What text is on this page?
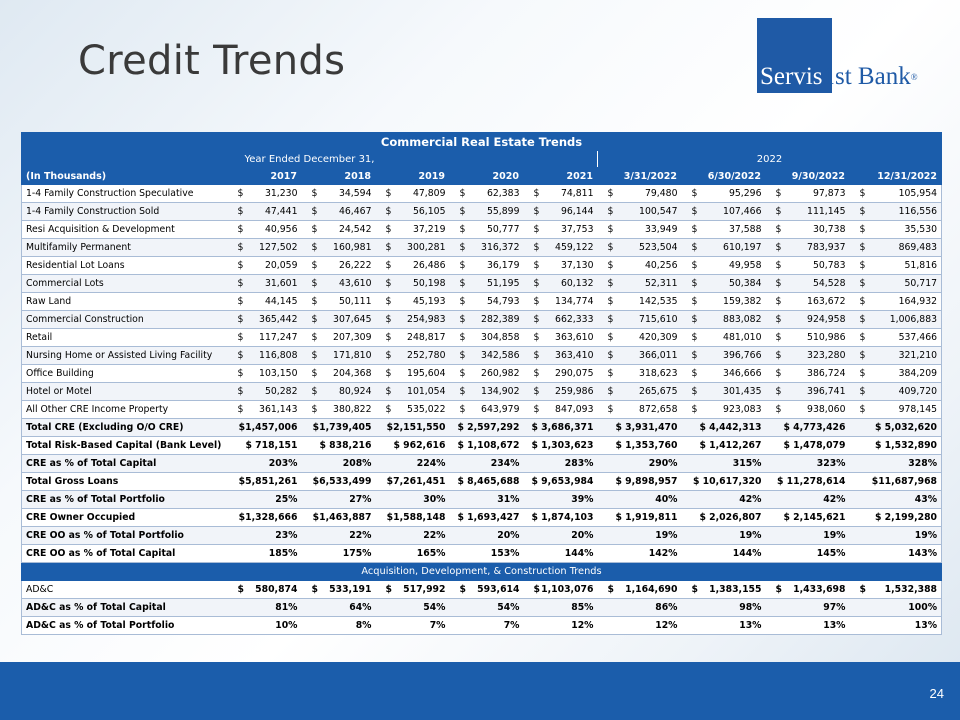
Credit Trends	Servis1st Bank®
Commercial Real Estate Trends									
Year Ended December 31,						2022			
(In Thousands)	2017	2018	2019	2020	2021	3/31/2022	6/30/2022	9/30/2022	12/31/2022
1-4 Family Construction Speculative	$ 31,230	$ 34,594	$ 47,809	$ 62,383	$ 74,811	$ 79,480	$ 95,296	$ 97,873	$ 105,954
1-4 Family Construction Sold	$ 47,441	$ 46,467	$ 56,105	$ 55,899	$ 96,144	$ 100,547	$ 107,466	$ 111,145	$ 116,556
Resi Acquisition & Development	$ 40,956	$ 24,542	$ 37,219	$ 50,777	$ 37,753	$ 33,949	$ 37,588	$ 30,738	$ 35,530
Multifamily Permanent	$ 127,502	$ 160,981	$ 300,281	$ 316,372	$ 459,122	$ 523,504	$ 610,197	$ 783,937	$ 869,483
Residential Lot Loans	$ 20,059	$ 26,222	$ 26,486	$ 36,179	$ 37,130	$ 40,256	$ 49,958	$ 50,783	$ 51,816
Commercial Lots	$ 31,601	$ 43,610	$ 50,198	$ 51,195	$ 60,132	$ 52,311	$ 50,384	$ 54,528	$ 50,717
Raw Land	$ 44,145	$ 50,111	$ 45,193	$ 54,793	$ 134,774	$ 142,535	$ 159,382	$ 163,672	$ 164,932
Commercial Construction	$ 365,442	$ 307,645	$ 254,983	$ 282,389	$ 662,333	$ 715,610	$ 883,082	$ 924,958	$ 1,006,883
Retail	$ 117,247	$ 207,309	$ 248,817	$ 304,858	$ 363,610	$ 420,309	$ 481,010	$ 510,986	$ 537,466
Nursing Home or Assisted Living Facility	$ 116,808	$ 171,810	$ 252,780	$ 342,586	$ 363,410	$ 366,011	$ 396,766	$ 323,280	$ 321,210
Office Building	$ 103,150	$ 204,368	$ 195,604	$ 260,982	$ 290,075	$ 318,623	$ 346,666	$ 386,724	$ 384,209
Hotel or Motel	$ 50,282	$ 80,924	$ 101,054	$ 134,902	$ 259,986	$ 265,675	$ 301,435	$ 396,741	$ 409,720
All Other CRE Income Property	$ 361,143	$ 380,822	$ 535,022	$ 643,979	$ 847,093	$ 872,658	$ 923,083	$ 938,060	$ 978,145
Total CRE (Excluding O/O CRE)	$1,457,006	$1,739,405	$2,151,550	$ 2,597,292	$ 3,686,371	$ 3,931,470	$ 4,442,313	$ 4,773,426	$ 5,032,620
Total Risk-Based Capital (Bank Level)	$ 718,151	$ 838,216	$ 962,616	$ 1,108,672	$ 1,303,623	$ 1,353,760	$ 1,412,267	$ 1,478,079	$ 1,532,890
CRE as % of Total Capital	203%	208%	224%	234%	283%	290%	315%	323%	328%
Total Gross Loans	$5,851,261	$6,533,499	$7,261,451	$ 8,465,688	$ 9,653,984	$ 9,898,957	$ 10,617,320	$ 11,278,614	$11,687,968
CRE as % of Total Portfolio	25%	27%	30%	31%	39%	40%	42%	42%	43%
CRE Owner Occupied	$1,328,666	$1,463,887	$1,588,148	$ 1,693,427	$ 1,874,103	$ 1,919,811	$ 2,026,807	$ 2,145,621	$ 2,199,280
CRE OO as % of Total Portfolio	23%	22%	22%	20%	20%	19%	19%	19%	19%
CRE OO as % of Total Capital	185%	175%	165%	153%	144%	142%	144%	145%	143%
Acquisition, Development, & Construction Trends									
AD&C	$ 580,874	$ 533,191	$ 517,992	$ 593,614	$ 1,103,076	$ 1,164,690	$ 1,383,155	$ 1,433,698	$ 1,532,388
AD&C as % of Total Capital	81%	64%	54%	54%	85%	86%	98%	97%	100%
AD&C as % of Total Portfolio	10%	8%	7%	7%	12%	12%	13%	13%	13%
24
